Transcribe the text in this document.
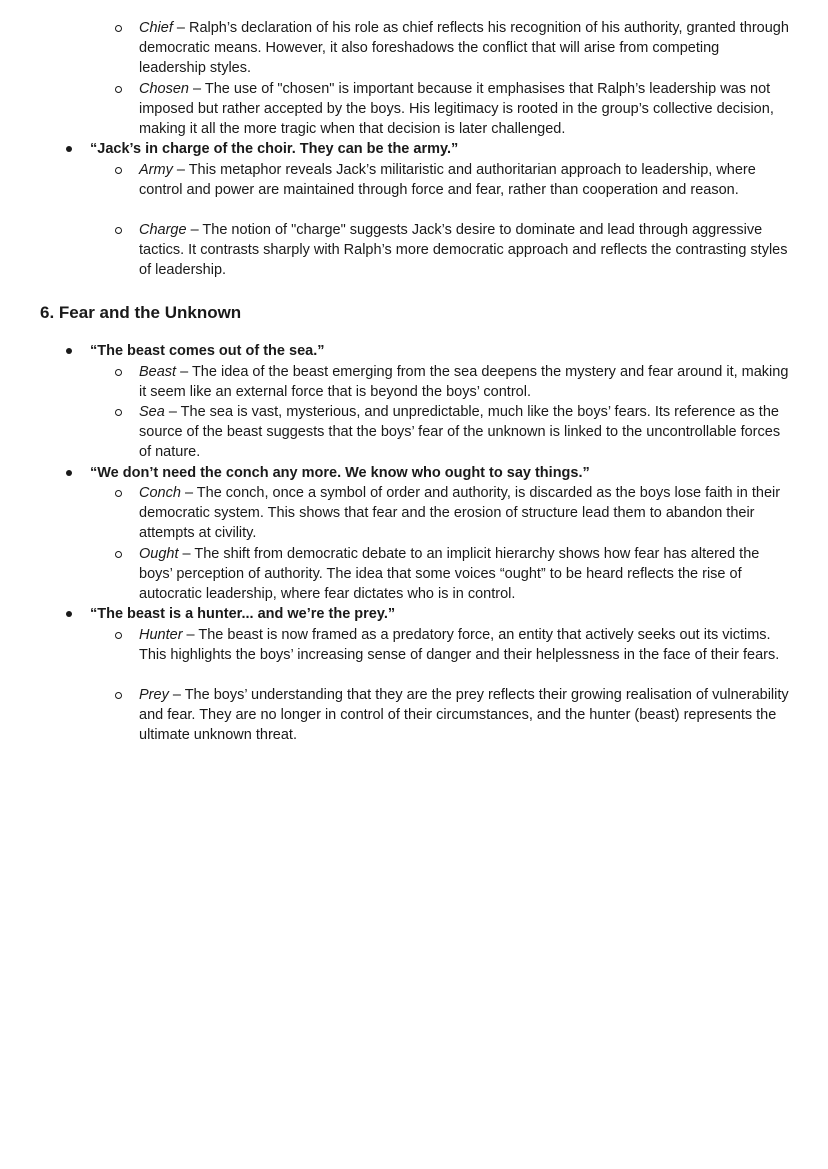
Chief – Ralph’s declaration of his role as chief reflects his recognition of his authority, granted through democratic means. However, it also foreshadows the conflict that will arise from competing leadership styles.
Chosen – The use of "chosen" is important because it emphasises that Ralph’s leadership was not imposed but rather accepted by the boys. His legitimacy is rooted in the group’s collective decision, making it all the more tragic when that decision is later challenged.
“Jack’s in charge of the choir. They can be the army.”
Army – This metaphor reveals Jack’s militaristic and authoritarian approach to leadership, where control and power are maintained through force and fear, rather than cooperation and reason.
Charge – The notion of "charge" suggests Jack’s desire to dominate and lead through aggressive tactics. It contrasts sharply with Ralph’s more democratic approach and reflects the contrasting styles of leadership.
6. Fear and the Unknown
“The beast comes out of the sea.”
Beast – The idea of the beast emerging from the sea deepens the mystery and fear around it, making it seem like an external force that is beyond the boys’ control.
Sea – The sea is vast, mysterious, and unpredictable, much like the boys’ fears. Its reference as the source of the beast suggests that the boys’ fear of the unknown is linked to the uncontrollable forces of nature.
“We don’t need the conch any more. We know who ought to say things.”
Conch – The conch, once a symbol of order and authority, is discarded as the boys lose faith in their democratic system. This shows that fear and the erosion of structure lead them to abandon their attempts at civility.
Ought – The shift from democratic debate to an implicit hierarchy shows how fear has altered the boys’ perception of authority. The idea that some voices “ought” to be heard reflects the rise of autocratic leadership, where fear dictates who is in control.
“The beast is a hunter... and we’re the prey.”
Hunter – The beast is now framed as a predatory force, an entity that actively seeks out its victims. This highlights the boys’ increasing sense of danger and their helplessness in the face of their fears.
Prey – The boys’ understanding that they are the prey reflects their growing realisation of vulnerability and fear. They are no longer in control of their circumstances, and the hunter (beast) represents the ultimate unknown threat.
